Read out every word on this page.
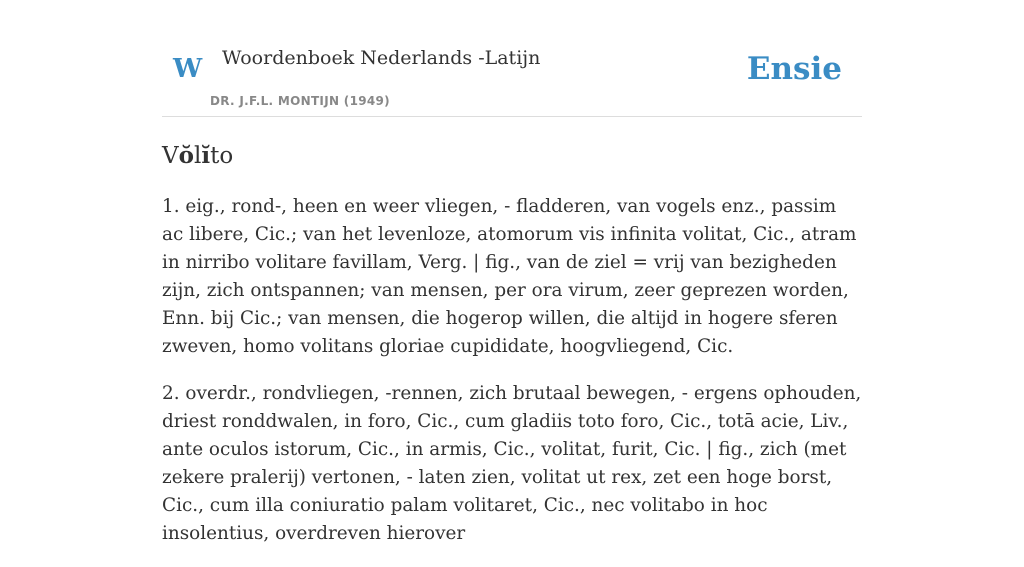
W Woordenboek Nederlands -Latijn
DR. J.F.L. MONTIJN (1949)
Ensie
Vŏlĭto

1. eig., rond-, heen en weer vliegen, - fladderen, van vogels enz., passim ac libere, Cic.; van het levenloze, atomorum vis infinita volitat, Cic., atram in nirribo volitare favillam, Verg. | fig., van de ziel = vrij van bezigheden zijn, zich ontspannen; van mensen, per ora virum, zeer geprezen worden, Enn. bij Cic.; van mensen, die hogerop willen, die altijd in hogere sferen zweven, homo volitans gloriae cupididate, hoogvliegend, Cic.

2. overdr., rondvliegen, -rennen, zich brutaal bewegen, - ergens ophouden, driest ronddwalen, in foro, Cic., cum gladiis toto foro, Cic., totā acie, Liv., ante oculos istorum, Cic., in armis, Cic., volitat, furit, Cic. | fig., zich (met zekere pralerij) vertonen, - laten zien, volitat ut rex, zet een hoge borst, Cic., cum illa coniuratio palam volitaret, Cic., nec volitabo in hoc insolentius, overdreven hierover
